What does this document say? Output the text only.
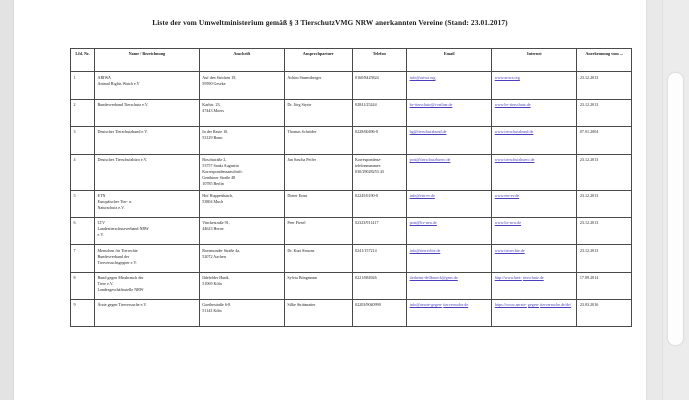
Liste der vom Umweltministerium gemäß § 3 TierschutzVMG NRW anerkannten Vereine (Stand: 23.01.2017)
Lfd. Nr.	Name / Bezeichnung	Anschrift	Ansprechpartner	Telefon	Email	Internet	Anerkennung vom ...
1	ARIWA
Animal Rights Watch e.V	Auf den Stricken 19,
59590 Geseke	Achim Stumstberger	0160/8425824	info@ariwa.org	www.ariwa.org	23.12.2013
2	Bundesverband Tierschutz e.V.	Karlstr. 23,
47443 Moers	Dr. Jörg Styrie	02841/25244	bv-tierschutz@t-online.de	www.bv-tierschutz.de	23.12.2013
3	Deutscher Tierschutzbund e.V.	In der Raste 10,
53129 Bonn	Thomas Schröder	0228/60496-0	bg@tierschutzbund.de	www.tierschutzbund.de	07.01.2004
4	Deutsches Tierschutzbüro e.V.	Boschstraße 2,
53757 Sankt Augustin
Korrespondenzanschrift:
Genthiner Straße 48
10785 Berlin	Jan Sascha Peifer	Korrespondenz-
telefonnummer:
030/29028253 43	post@tierschutzbuero.de	www.tierschutzbuero.de	23.12.2013
5	ETN
Europäischer Tier- u.
Naturschutz e.V.	Hof Huppenbusch,
53804 Much	Dieter Ernst	02245/6190-0	info@etn-ev.de	www.etn-ev.de	23.12.2013
6	LTV
Landestierschutzverband NRW
e.V.	Vinckestraße 91,
44623 Herne	Peer Fiesel	02323/911417	post@ltv-nrw.de	www.ltv-nrw.de	23.12.2013
7	Menschen für Tierrechte
Bundesverband der
Tierversuchsgegner e.V.	Roermonder Straße 4a,
52072 Aachen	Dr. Kurt Simons	0241/157214	info@tierrechte.de	www.tierrechte.de	23.12.2013
8	Bund gegen Missbrauch der
Tiere e.V.
Landesgeschäftsstelle NRW	Ildefelder Hardt,
51069 Köln	Sylvia Böngmann	0221/684926	tierheim-dellbrueck@gmx.de	http://www.bmt- tierschutz.de	17.09.2014
9	Ärzte gegen Tierversuche e.V.	Goethestraße 6-8
51143 Köln	Silke Strittmatter	02203/9040990	info@aerzte-gegen- tierversuche.de	https://www.aerzte- gegen- tierversuche.de/de/	23.03.2016
